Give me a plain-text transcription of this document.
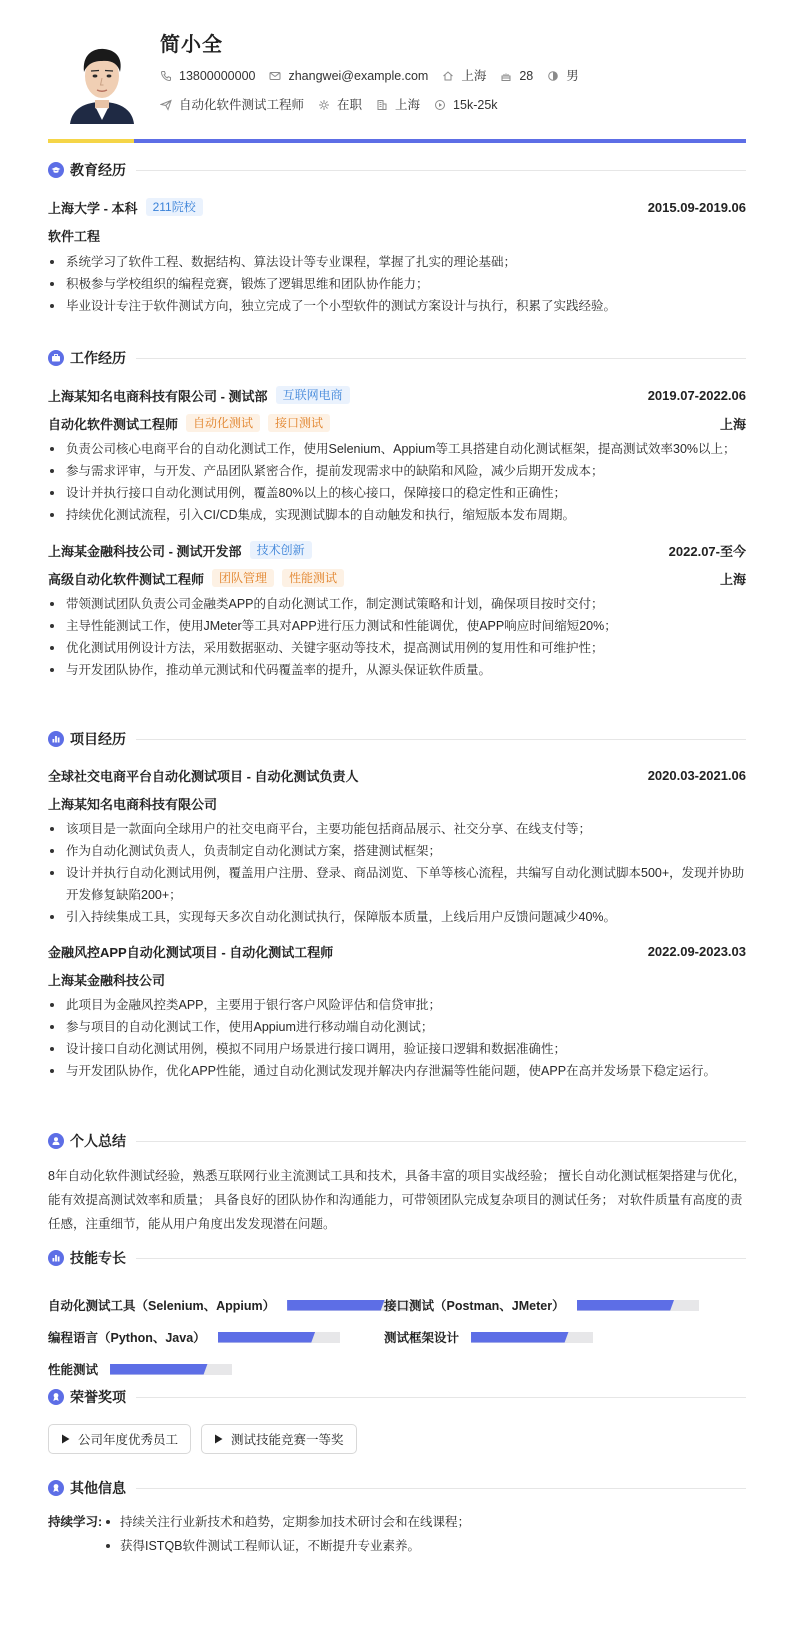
简小全
13800000000	zhangwei@example.com	上海	28	男
自动化软件测试工程师	在职	上海	15k-25k
教育经历
上海大学 - 本科	211院校	2015.09-2019.06
软件工程
系统学习了软件工程、数据结构、算法设计等专业课程，掌握了扎实的理论基础；
积极参与学校组织的编程竞赛，锻炼了逻辑思维和团队协作能力；
毕业设计专注于软件测试方向，独立完成了一个小型软件的测试方案设计与执行，积累了实践经验。
工作经历
上海某知名电商科技有限公司 - 测试部	互联网电商	2019.07-2022.06
自动化软件测试工程师	自动化测试	接口测试	上海
负责公司核心电商平台的自动化测试工作，使用Selenium、Appium等工具搭建自动化测试框架，提高测试效率30%以上；
参与需求评审，与开发、产品团队紧密合作，提前发现需求中的缺陷和风险，减少后期开发成本；
设计并执行接口自动化测试用例，覆盖80%以上的核心接口，保障接口的稳定性和正确性；
持续优化测试流程，引入CI/CD集成，实现测试脚本的自动触发和执行，缩短版本发布周期。
上海某金融科技公司 - 测试开发部	技术创新	2022.07-至今
高级自动化软件测试工程师	团队管理	性能测试	上海
带领测试团队负责公司金融类APP的自动化测试工作，制定测试策略和计划，确保项目按时交付；
主导性能测试工作，使用JMeter等工具对APP进行压力测试和性能调优，使APP响应时间缩短20%；
优化测试用例设计方法，采用数据驱动、关键字驱动等技术，提高测试用例的复用性和可维护性；
与开发团队协作，推动单元测试和代码覆盖率的提升，从源头保证软件质量。
项目经历
全球社交电商平台自动化测试项目 - 自动化测试负责人	2020.03-2021.06
上海某知名电商科技有限公司
该项目是一款面向全球用户的社交电商平台，主要功能包括商品展示、社交分享、在线支付等；
作为自动化测试负责人，负责制定自动化测试方案，搭建测试框架；
设计并执行自动化测试用例，覆盖用户注册、登录、商品浏览、下单等核心流程，共编写自动化测试脚本500+，发现并协助开发修复缺陷200+；
引入持续集成工具，实现每天多次自动化测试执行，保障版本质量，上线后用户反馈问题减少40%。
金融风控APP自动化测试项目 - 自动化测试工程师	2022.09-2023.03
上海某金融科技公司
此项目为金融风控类APP，主要用于银行客户风险评估和信贷审批；
参与项目的自动化测试工作，使用Appium进行移动端自动化测试；
设计接口自动化测试用例，模拟不同用户场景进行接口调用，验证接口逻辑和数据准确性；
与开发团队协作，优化APP性能，通过自动化测试发现并解决内存泄漏等性能问题，使APP在高并发场景下稳定运行。
个人总结
8年自动化软件测试经验，熟悉互联网行业主流测试工具和技术，具备丰富的项目实战经验； 擅长自动化测试框架搭建与优化，能有效提高测试效率和质量； 具备良好的团队协作和沟通能力，可带领团队完成复杂项目的测试任务； 对软件质量有高度的责任感，注重细节，能从用户角度出发发现潜在问题。
技能专长
自动化测试工具（Selenium、Appium）	接口测试（Postman、JMeter）
编程语言（Python、Java）	测试框架设计
性能测试
荣誉奖项
公司年度优秀员工	测试技能竞赛一等奖
其他信息
持续学习:	持续关注行业新技术和趋势，定期参加技术研讨会和在线课程；
获得ISTQB软件测试工程师认证，不断提升专业素养。
